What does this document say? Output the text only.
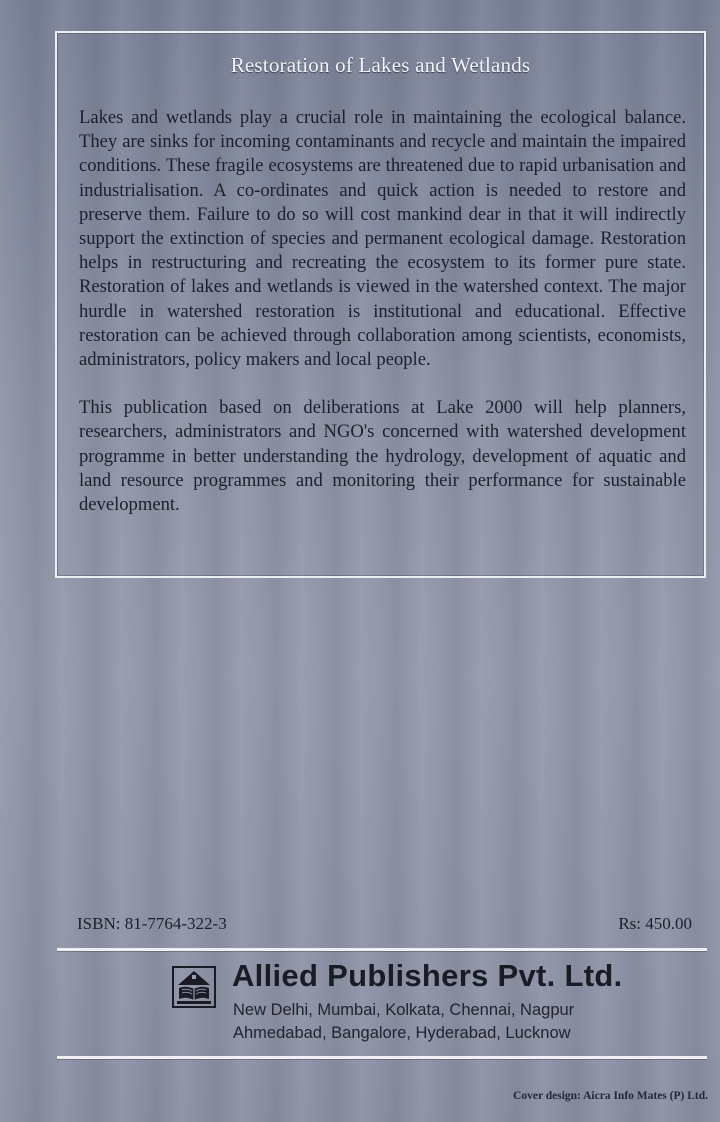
Restoration of Lakes and Wetlands

Lakes and wetlands play a crucial role in maintaining the ecological balance. They are sinks for incoming contaminants and recycle and maintain the impaired conditions. These fragile ecosystems are threatened due to rapid urbanisation and industrialisation. A co-ordinates and quick action is needed to restore and preserve them. Failure to do so will cost mankind dear in that it will indirectly support the extinction of species and permanent ecological damage. Restoration helps in restructuring and recreating the ecosystem to its former pure state. Restoration of lakes and wetlands is viewed in the watershed context. The major hurdle in watershed restoration is institutional and educational. Effective restoration can be achieved through collaboration among scientists, economists, administrators, policy makers and local people.

This publication based on deliberations at Lake 2000 will help planners, researchers, administrators and NGO's concerned with watershed development programme in better understanding the hydrology, development of aquatic and land resource programmes and monitoring their performance for sustainable development.

ISBN: 81-7764-322-3	Rs: 450.00
Allied Publishers Pvt. Ltd.
New Delhi, Mumbai, Kolkata, Chennai, Nagpur
Ahmedabad, Bangalore, Hyderabad, Lucknow
Cover design: Aicra Info Mates (P) Ltd.
